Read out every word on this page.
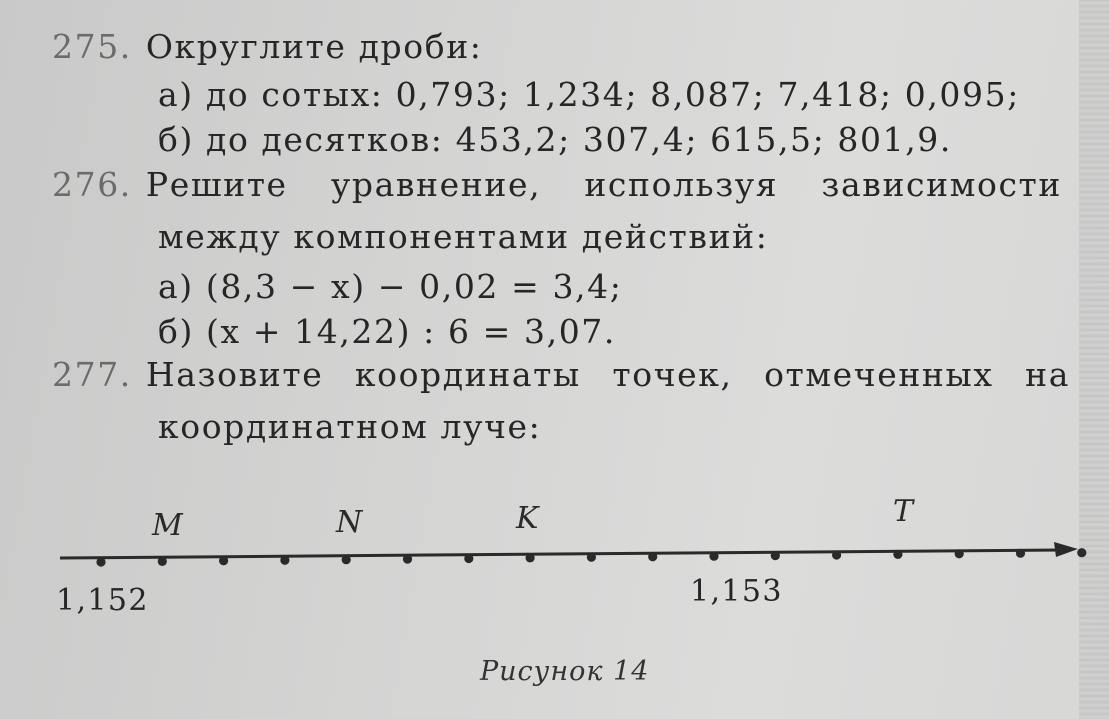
275. Округлите дроби:
а) до сотых: 0,793; 1,234; 8,087; 7,418; 0,095;
б) до десятков: 453,2; 307,4; 615,5; 801,9.
276. Решите уравнение, используя зависимости
между компонентами действий:
а) (8,3 − x) − 0,02 = 3,4;
б) (x + 14,22) : 6 = 3,07.
277. Назовите координаты точек, отмеченных на
координатном луче:
M	N	K	T
1,152	1,153
Рисунок 14
